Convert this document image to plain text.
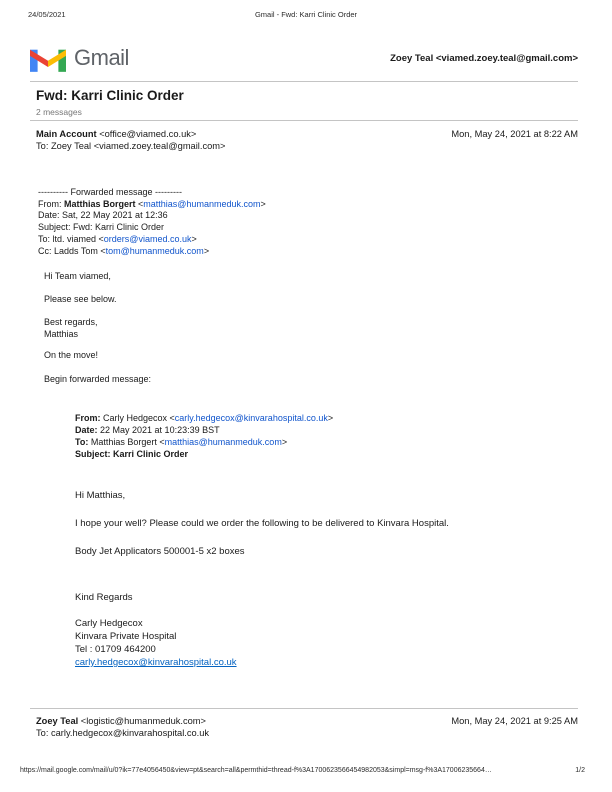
24/05/2021	Gmail - Fwd: Karri Clinic Order
Gmail	Zoey Teal <viamed.zoey.teal@gmail.com>
Fwd: Karri Clinic Order
2 messages
Main Account <office@viamed.co.uk>	Mon, May 24, 2021 at 8:22 AM
To: Zoey Teal <viamed.zoey.teal@gmail.com>
---------- Forwarded message ---------
From: Matthias Borgert <matthias@humanmeduk.com>
Date: Sat, 22 May 2021 at 12:36
Subject: Fwd: Karri Clinic Order
To: ltd. viamed <orders@viamed.co.uk>
Cc: Ladds Tom <tom@humanmeduk.com>
Hi Team viamed,
Please see below.
Best regards,
Matthias
On the move!
Begin forwarded message:
From: Carly Hedgecox <carly.hedgecox@kinvarahospital.co.uk>
Date: 22 May 2021 at 10:23:39 BST
To: Matthias Borgert <matthias@humanmeduk.com>
Subject: Karri Clinic Order
Hi Matthias,
I hope your well? Please could we order the following to be delivered to Kinvara Hospital.
Body Jet Applicators 500001-5 x2 boxes
Kind Regards
Carly Hedgecox
Kinvara Private Hospital
Tel : 01709 464200
carly.hedgecox@kinvarahospital.co.uk
Zoey Teal <logistic@humanmeduk.com>	Mon, May 24, 2021 at 9:25 AM
To: carly.hedgecox@kinvarahospital.co.uk
https://mail.google.com/mail/u/0?ik=77e4056450&view=pt&search=all&permthid=thread-f%3A1700623566454982053&simpl=msg-f%3A17006235664…	1/2
